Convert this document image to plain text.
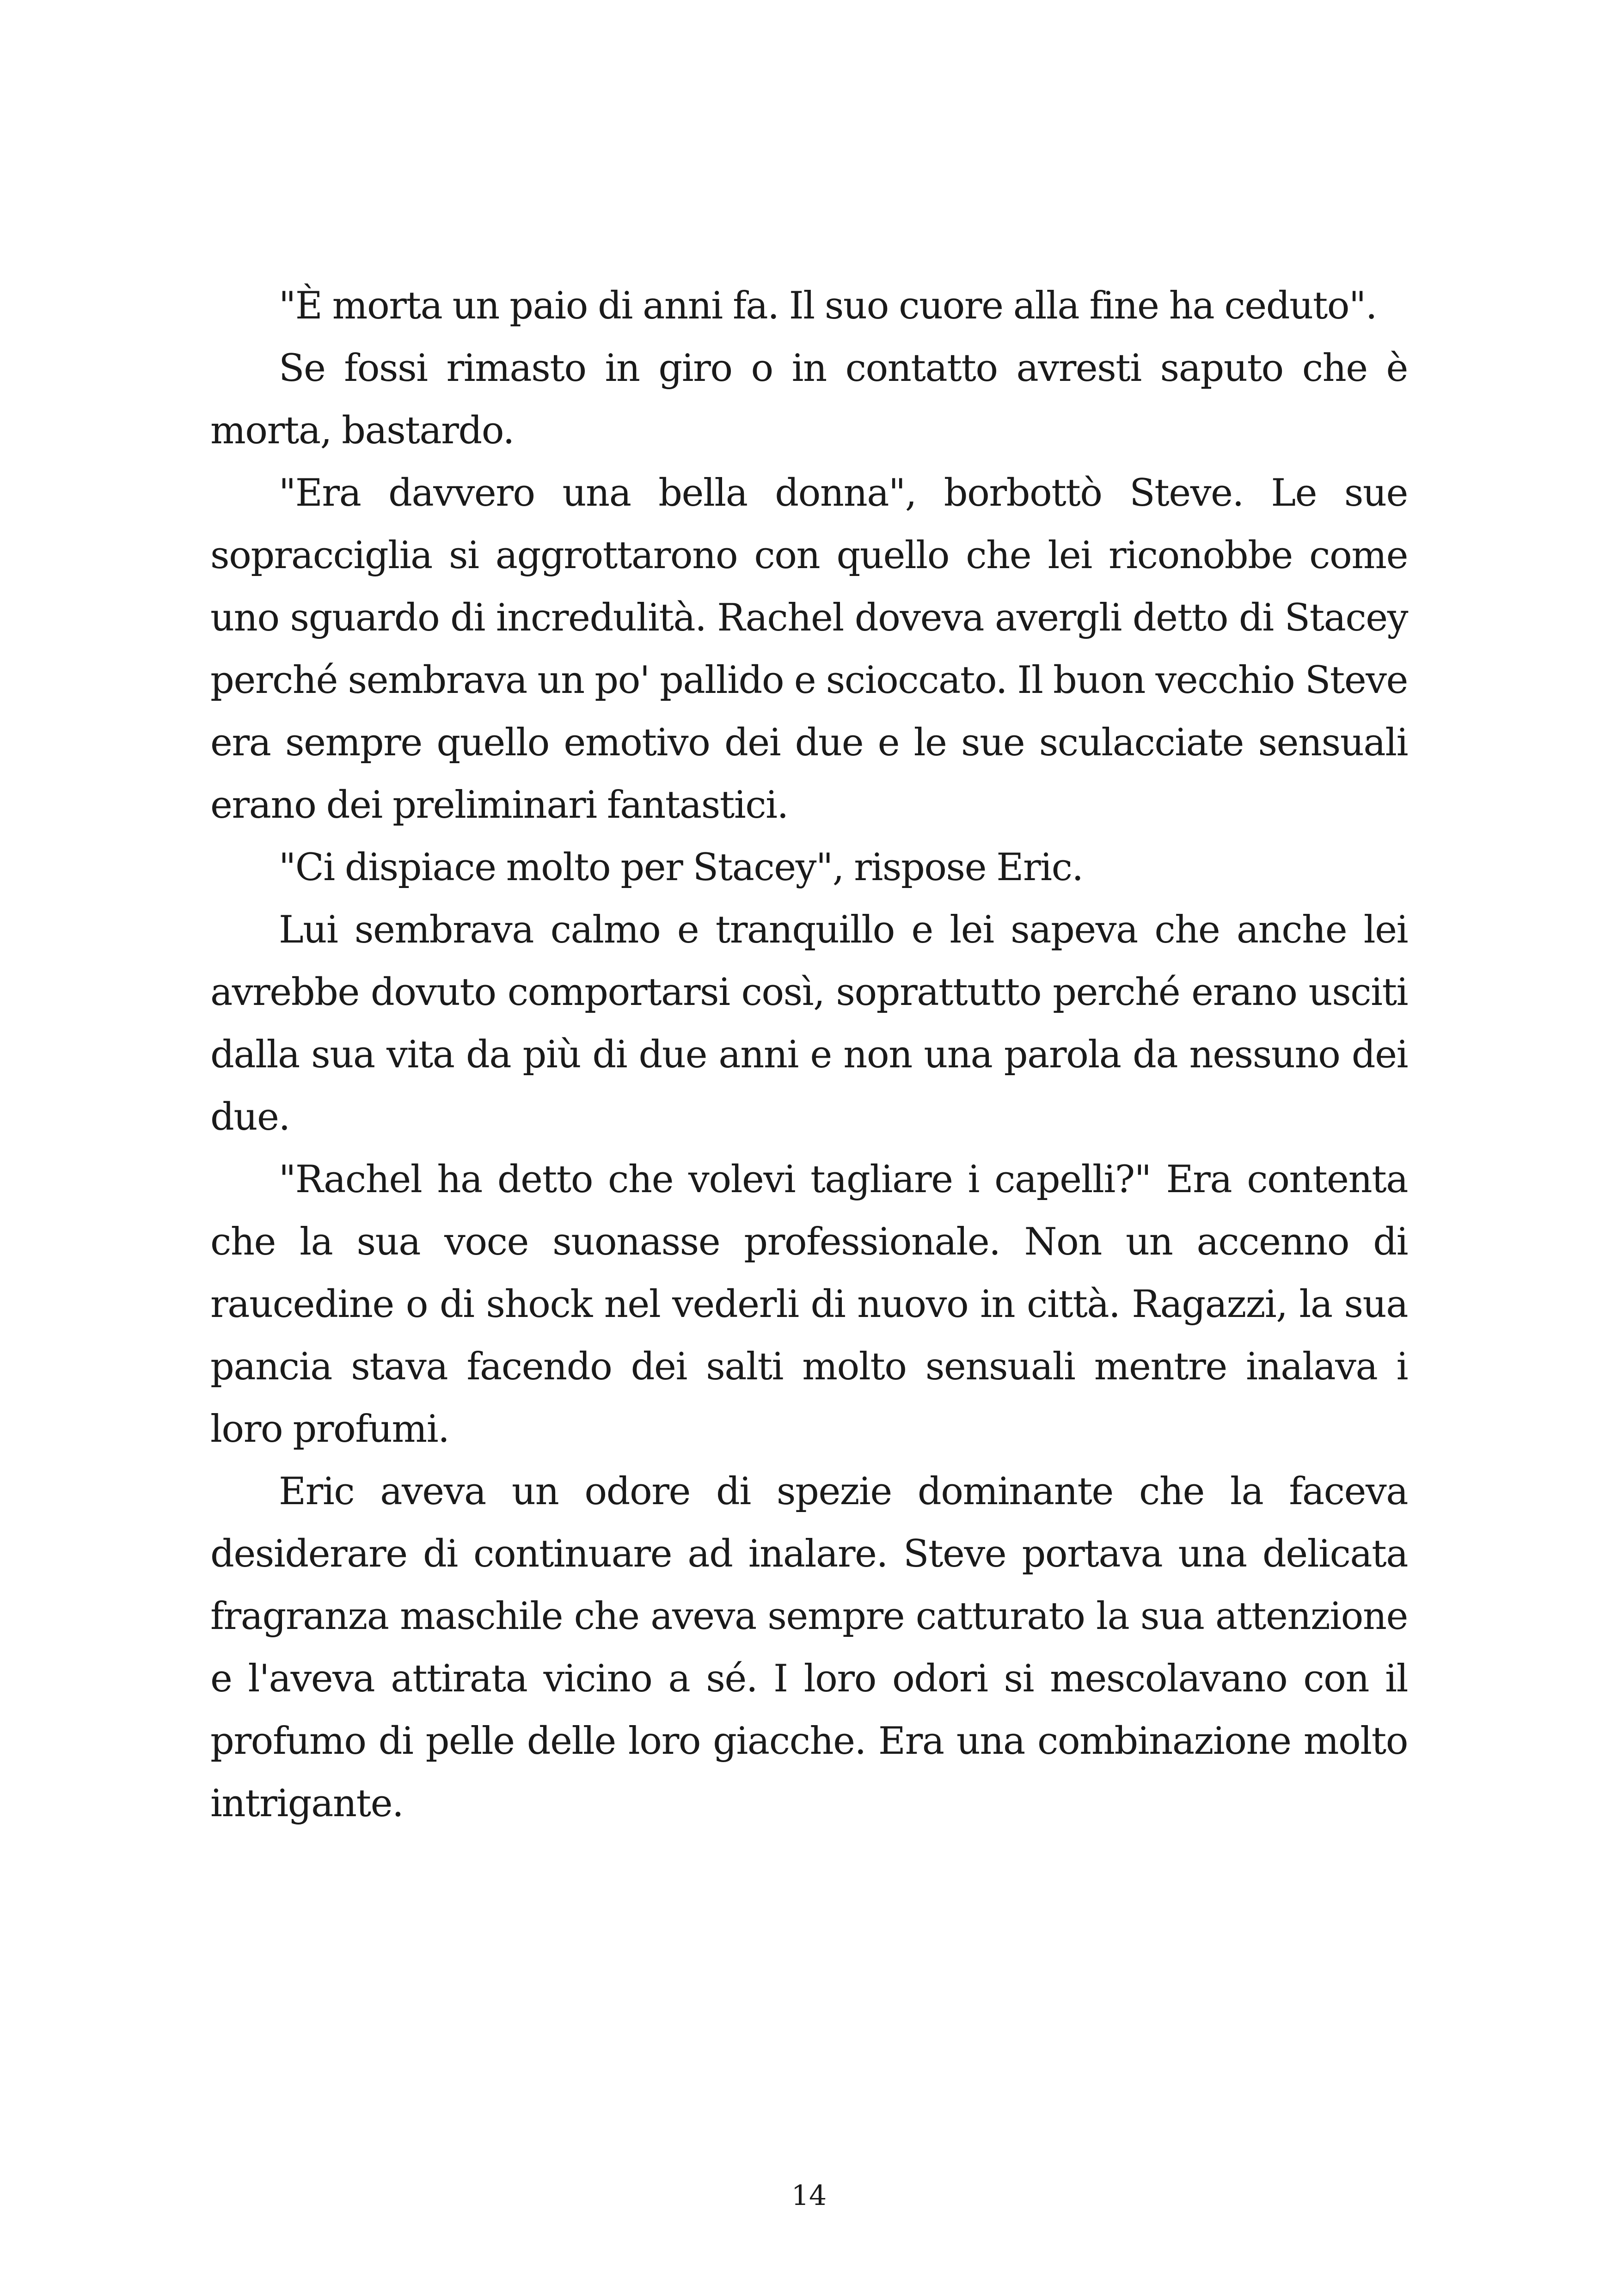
"È morta un paio di anni fa. Il suo cuore alla fine ha ceduto".

Se fossi rimasto in giro o in contatto avresti saputo che è morta, bastardo.

"Era davvero una bella donna", borbottò Steve. Le sue sopracciglia si aggrottarono con quello che lei riconobbe come uno sguardo di incredulità. Rachel doveva avergli detto di Stacey perché sembrava un po' pallido e scioccato. Il buon vecchio Steve era sempre quello emotivo dei due e le sue sculacciate sensuali erano dei preliminari fantastici.

"Ci dispiace molto per Stacey", rispose Eric.

Lui sembrava calmo e tranquillo e lei sapeva che anche lei avrebbe dovuto comportarsi così, soprattutto perché erano usciti dalla sua vita da più di due anni e non una parola da nessuno dei due.

"Rachel ha detto che volevi tagliare i capelli?" Era contenta che la sua voce suonasse professionale. Non un accenno di raucedine o di shock nel vederli di nuovo in città. Ragazzi, la sua pancia stava facendo dei salti molto sensuali mentre inalava i loro profumi.

Eric aveva un odore di spezie dominante che la faceva desiderare di continuare ad inalare. Steve portava una delicata fragranza maschile che aveva sempre catturato la sua attenzione e l'aveva attirata vicino a sé. I loro odori si mescolavano con il profumo di pelle delle loro giacche. Era una combinazione molto intrigante.

14
